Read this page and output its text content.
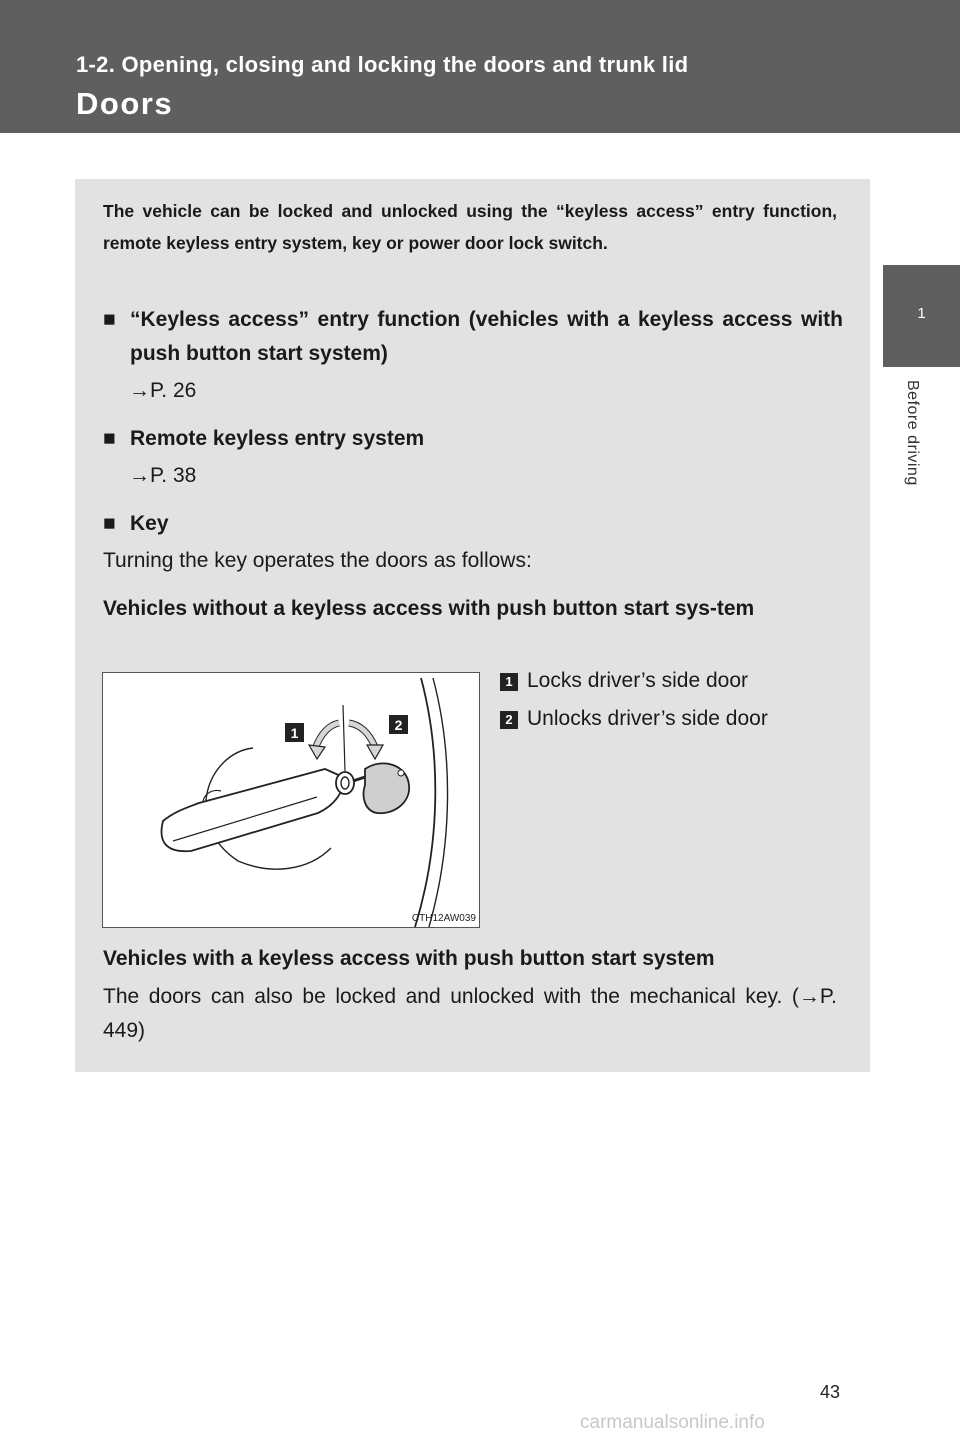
1-2. Opening, closing and locking the doors and trunk lid
Doors
1
Before driving
The vehicle can be locked and unlocked using the “keyless access” entry function, remote keyless entry system, key or power door lock switch.
■ “Keyless access” entry function (vehicles with a keyless access with push button start system)
→P. 26
■ Remote keyless entry system
→P. 38
■ Key
Turning the key operates the doors as follows:
Vehicles without a keyless access with push button start sys-tem
1	2
CTH12AW039
1 Locks driver’s side door
2 Unlocks driver’s side door
Vehicles with a keyless access with push button start system
The doors can also be locked and unlocked with the mechanical key. (→P. 449)
43
carmanualsonline.info
